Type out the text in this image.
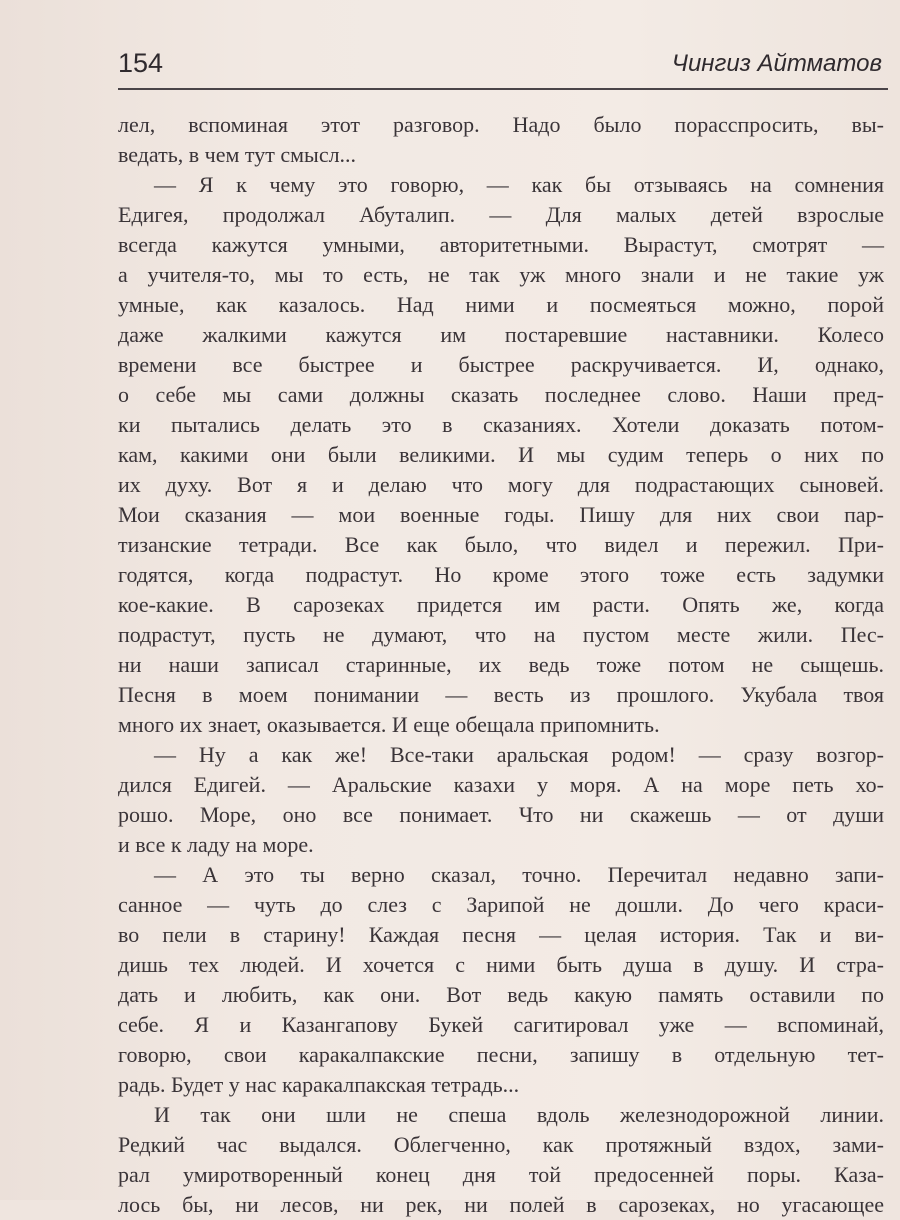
154	Чингиз Айтматов
лел, вспоминая этот разговор. Надо было порасспросить, вы-
ведать, в чем тут смысл...
— Я к чему это говорю, — как бы отзываясь на сомнения
Едигея, продолжал Абуталип. — Для малых детей взрослые
всегда кажутся умными, авторитетными. Вырастут, смотрят —
а учителя-то, мы то есть, не так уж много знали и не такие уж
умные, как казалось. Над ними и посмеяться можно, порой
даже жалкими кажутся им постаревшие наставники. Колесо
времени все быстрее и быстрее раскручивается. И, однако,
о себе мы сами должны сказать последнее слово. Наши пред-
ки пытались делать это в сказаниях. Хотели доказать потом-
кам, какими они были великими. И мы судим теперь о них по
их духу. Вот я и делаю что могу для подрастающих сыновей.
Мои сказания — мои военные годы. Пишу для них свои пар-
тизанские тетради. Все как было, что видел и пережил. При-
годятся, когда подрастут. Но кроме этого тоже есть задумки
кое-какие. В сарозеках придется им расти. Опять же, когда
подрастут, пусть не думают, что на пустом месте жили. Пес-
ни наши записал старинные, их ведь тоже потом не сыщешь.
Песня в моем понимании — весть из прошлого. Укубала твоя
много их знает, оказывается. И еще обещала припомнить.
— Ну а как же! Все-таки аральская родом! — сразу возгор-
дился Едигей. — Аральские казахи у моря. А на море петь хо-
рошо. Море, оно все понимает. Что ни скажешь — от души
и все к ладу на море.
— А это ты верно сказал, точно. Перечитал недавно запи-
санное — чуть до слез с Зарипой не дошли. До чего краси-
во пели в старину! Каждая песня — целая история. Так и ви-
дишь тех людей. И хочется с ними быть душа в душу. И стра-
дать и любить, как они. Вот ведь какую память оставили по
себе. Я и Казангапову Букей сагитировал уже — вспоминай,
говорю, свои каракалпакские песни, запишу в отдельную тет-
радь. Будет у нас каракалпакская тетрадь...
И так они шли не спеша вдоль железнодорожной линии.
Редкий час выдался. Облегченно, как протяжный вздох, зами-
рал умиротворенный конец дня той предосенней поры. Каза-
лось бы, ни лесов, ни рек, ни полей в сарозеках, но угасающее
